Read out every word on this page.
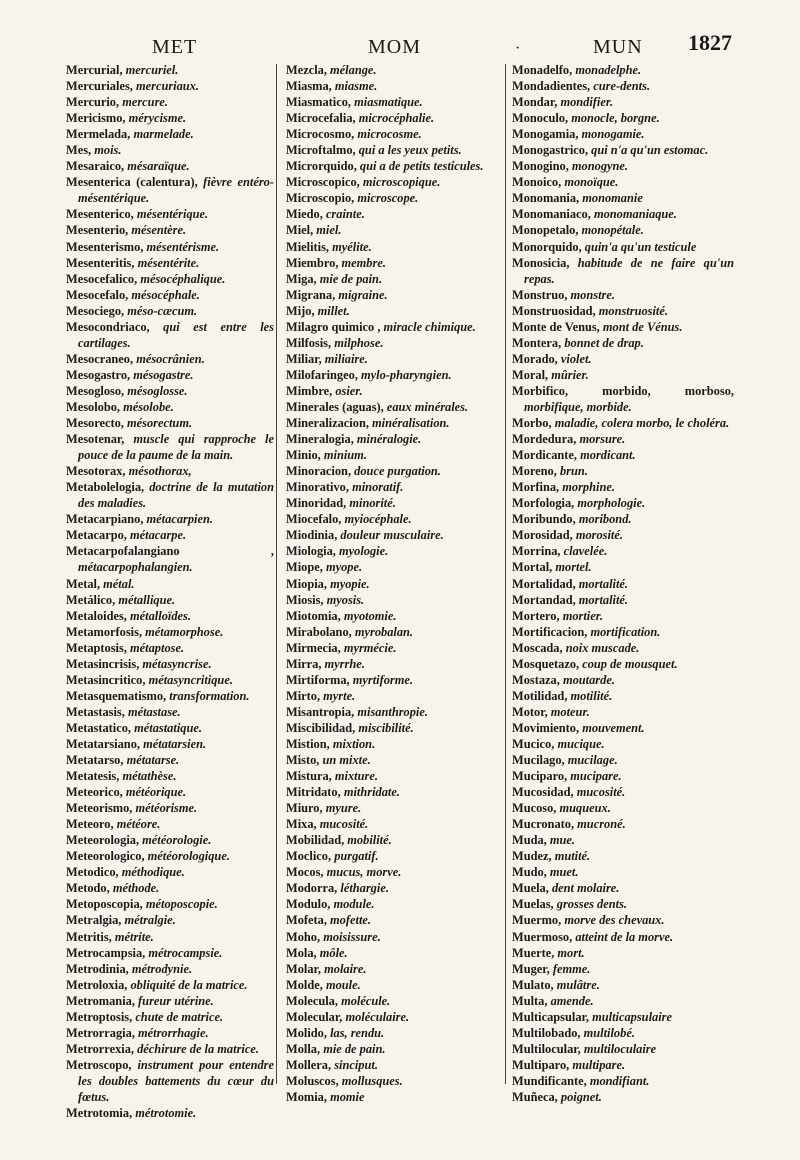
MET	MOM	·	MUN 1827

Mercurial, mercuriel.

Mercuriales, mercuriaux.

Mercurio, mercure.

Mericismo, mérycisme.

Mermelada, marmelade.

Mes, mois.

Mesaraico, mésaraïque.

Mesenterica (calentura), fièvre entéro-mésentérique.

Mesenterico, mésentérique.

Mesenterio, mésentère.

Mesenterismo, mésentérisme.

Mesenteritis, mésentérite.

Mesocefalico, mésocéphalique.

Mesocefalo, mésocéphale.

Mesociego, méso-cæcum.

Mesocondriaco, qui est entre les cartilages.

Mesocraneo, mésocrânien.

Mesogastro, mésogastre.

Mesogloso, mésoglosse.

Mesolobo, mésolobe.

Mesorecto, mésorectum.

Mesotenar, muscle qui rapproche le pouce de la paume de la main.

Mesotorax, mésothorax,

Metabolelogia, doctrine de la mutation des maladies.

Metacarpiano, métacarpien.

Metacarpo, métacarpe.

Metacarpofalangiano , métacarpophalangien.

Metal, métal.

Metálico, métallique.

Metaloides, métalloïdes.

Metamorfosis, métamorphose.

Metaptosis, métaptose.

Metasincrisis, métasyncrise.

Metasincritico, métasyncritique.

Metasquematismo, transformation.

Metastasis, métastase.

Metastatico, métastatique.

Metatarsiano, métatarsien.

Metatarso, métatarse.

Metatesis, métathèse.

Meteorico, météorique.

Meteorismo, météorisme.

Meteoro, météore.

Meteorologia, météorologie.

Meteorologico, météorologique.

Metodico, méthodique.

Metodo, méthode.

Metoposcopia, métoposcopie.

Metralgia, métralgie.

Metritis, métrite.

Metrocampsia, métrocampsie.

Metrodinia, métrodynie.

Metroloxia, obliquité de la matrice.

Metromania, fureur utérine.

Metroptosis, chute de matrice.

Metrorragia, métrorrhagie.

Metrorrexia, déchirure de la matrice.

Metroscopo, instrument pour entendre les doubles battements du cœur du fœtus.

Metrotomia, métrotomie.

Mezcla, mélange.

Miasma, miasme.

Miasmatico, miasmatique.

Microcefalia, microcéphalie.

Microcosmo, microcosme.

Microftalmo, qui a les yeux petits.

Microrquido, qui a de petits testicules.

Microscopico, microscopique.

Microscopio, microscope.

Miedo, crainte.

Miel, miel.

Mielitis, myélite.

Miembro, membre.

Miga, mie de pain.

Migrana, migraine.

Mijo, millet.

Milagro quimico , miracle chimique.

Milfosis, milphose.

Miliar, miliaire.

Milofaringeo, mylo-pharyngien.

Mimbre, osier.

Minerales (aguas), eaux minérales.

Mineralizacion, minéralisation.

Mineralogia, minéralogie.

Minio, minium.

Minoracion, douce purgation.

Minorativo, minoratif.

Minoridad, minorité.

Miocefalo, myiocéphale.

Miodinia, douleur musculaire.

Miologia, myologie.

Miope, myope.

Miopia, myopie.

Miosis, myosis.

Miotomia, myotomie.

Mirabolano, myrobalan.

Mirmecia, myrmécie.

Mirra, myrrhe.

Mirtiforma, myrtiforme.

Mirto, myrte.

Misantropia, misanthropie.

Miscibilidad, miscibilité.

Mistion, mixtion.

Misto, un mixte.

Mistura, mixture.

Mitridato, mithridate.

Miuro, myure.

Mixa, mucosité.

Mobilidad, mobilité.

Moclico, purgatif.

Mocos, mucus, morve.

Modorra, léthargie.

Modulo, module.

Mofeta, mofette.

Moho, moisissure.

Mola, môle.

Molar, molaire.

Molde, moule.

Molecula, molécule.

Molecular, moléculaire.

Molido, las, rendu.

Molla, mie de pain.

Mollera, sinciput.

Moluscos, mollusques.

Momia, momie

Monadelfo, monadelphe.

Mondadientes, cure-dents.

Mondar, mondifier.

Monoculo, monocle, borgne.

Monogamia, monogamie.

Monogastrico, qui n'a qu'un estomac.

Monogino, monogyne.

Monoico, monoïque.

Monomania, monomanie

Monomaniaco, monomaniaque.

Monopetalo, monopétale.

Monorquido, quin'a qu'un testicule

Monosicia, habitude de ne faire qu'un repas.

Monstruo, monstre.

Monstruosidad, monstruosité.

Monte de Venus, mont de Vénus.

Montera, bonnet de drap.

Morado, violet.

Moral, mûrier.

Morbifico, morbido, morboso, morbifique, morbide.

Morbo, maladie, colera morbo, le choléra.

Mordedura, morsure.

Mordicante, mordicant.

Moreno, brun.

Morfina, morphine.

Morfologia, morphologie.

Moribundo, moribond.

Morosidad, morosité.

Morrina, clavelée.

Mortal, mortel.

Mortalidad, mortalité.

Mortandad, mortalité.

Mortero, mortier.

Mortificacion, mortification.

Moscada, noix muscade.

Mosquetazo, coup de mousquet.

Mostaza, moutarde.

Motilidad, motilité.

Motor, moteur.

Movimiento, mouvement.

Mucico, mucique.

Mucilago, mucilage.

Muciparo, mucipare.

Mucosidad, mucosité.

Mucoso, muqueux.

Mucronato, mucroné.

Muda, mue.

Mudez, mutité.

Mudo, muet.

Muela, dent molaire.

Muelas, grosses dents.

Muermo, morve des chevaux.

Muermoso, atteint de la morve.

Muerte, mort.

Muger, femme.

Mulato, mulâtre.

Multa, amende.

Multicapsular, multicapsulaire

Multilobado, multilobé.

Multilocular, multiloculaire

Multiparo, multipare.

Mundificante, mondifiant.

Muñeca, poignet.
